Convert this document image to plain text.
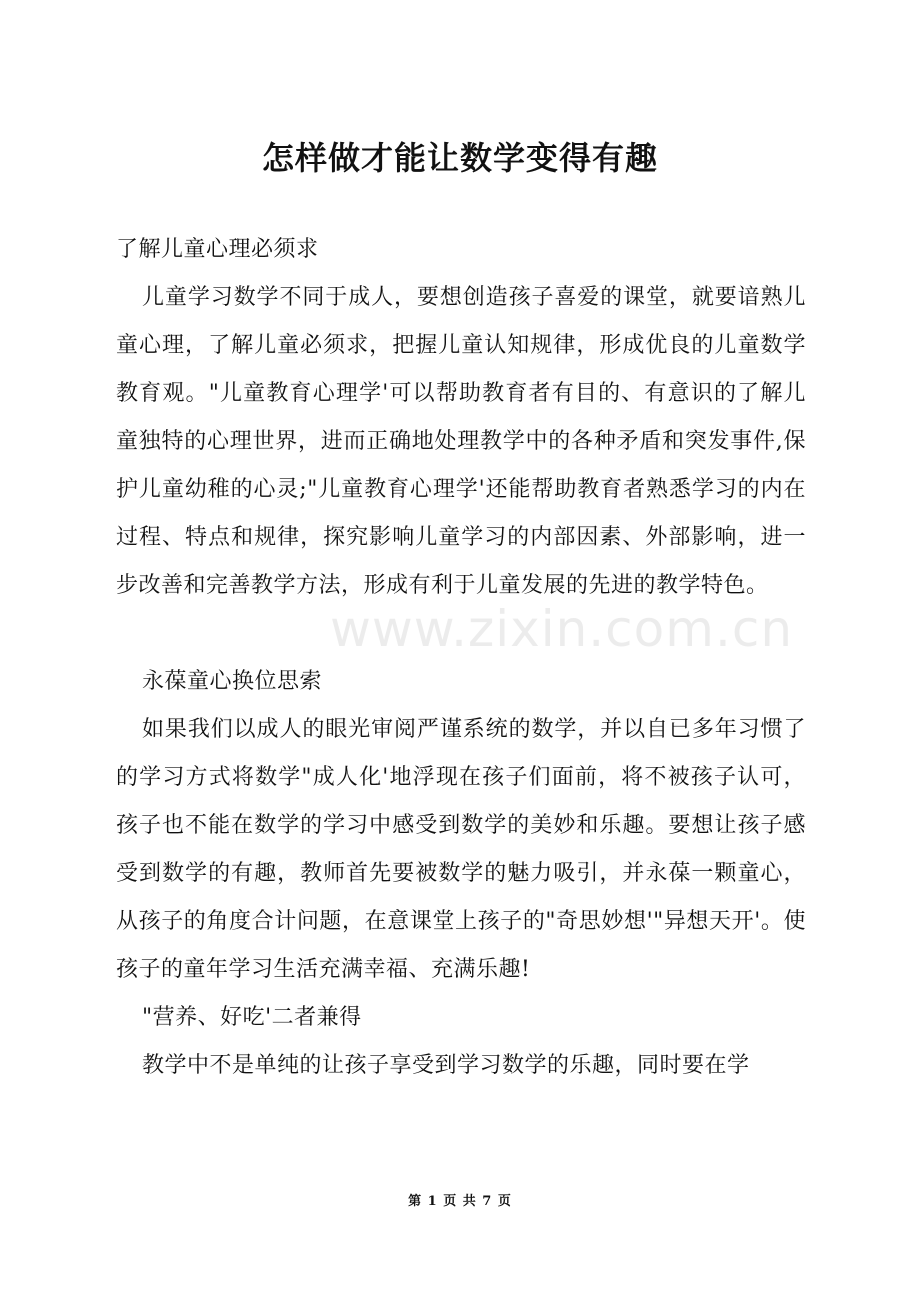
怎样做才能让数学变得有趣

了解儿童心理必须求

儿童学习数学不同于成人，要想创造孩子喜爱的课堂，就要谙熟儿童心理，了解儿童必须求，把握儿童认知规律，形成优良的儿童数学教育观。"儿童教育心理学'可以帮助教育者有目的、有意识的了解儿童独特的心理世界，进而正确地处理教学中的各种矛盾和突发事件,保护儿童幼稚的心灵;"儿童教育心理学'还能帮助教育者熟悉学习的内在过程、特点和规律，探究影响儿童学习的内部因素、外部影响，进一步改善和完善教学方法，形成有利于儿童发展的先进的教学特色。

永葆童心换位思索

如果我们以成人的眼光审阅严谨系统的数学，并以自已多年习惯了的学习方式将数学"成人化'地浮现在孩子们面前，将不被孩子认可，孩子也不能在数学的学习中感受到数学的美妙和乐趣。要想让孩子感受到数学的有趣，教师首先要被数学的魅力吸引，并永葆一颗童心，从孩子的角度合计问题，在意课堂上孩子的"奇思妙想'"异想天开'。使孩子的童年学习生活充满幸福、充满乐趣!

"营养、好吃'二者兼得

教学中不是单纯的让孩子享受到学习数学的乐趣，同时要在学

www.zixin.com.cn
第 1 页 共 7 页
